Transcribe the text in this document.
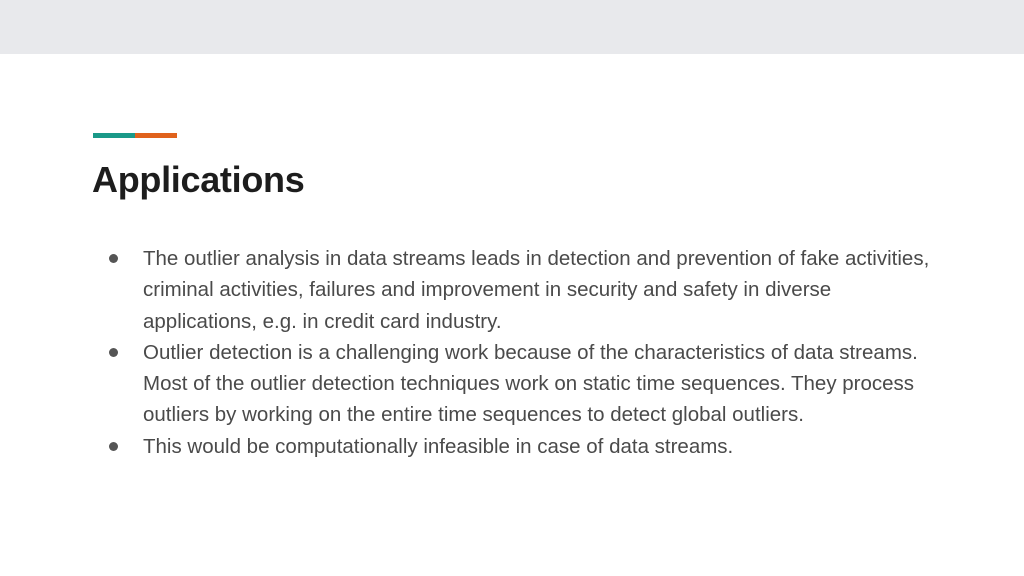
Applications
The outlier analysis in data streams leads in detection and prevention of fake activities, criminal activities, failures and improvement in security and safety in diverse applications, e.g. in credit card industry.
Outlier detection is a challenging work because of the characteristics of data streams. Most of the outlier detection techniques work on static time sequences. They process outliers by working on the entire time sequences to detect global outliers.
This would be computationally infeasible in case of data streams.
